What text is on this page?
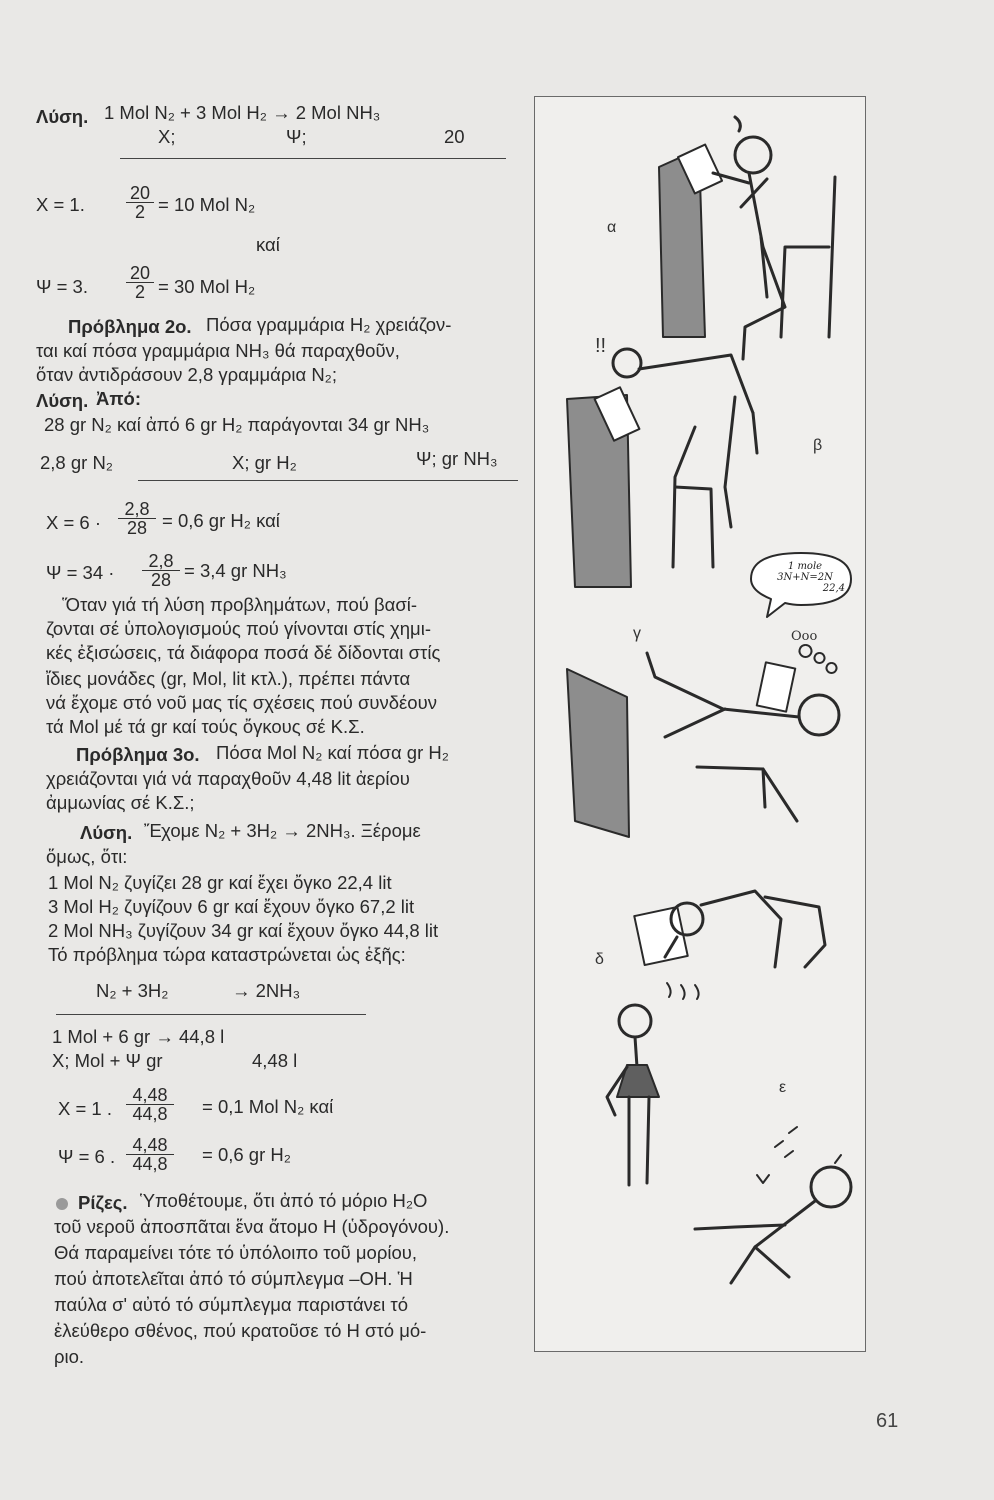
Λύση. 1 Mol N₂ + 3 Mol H₂ → 2 Mol NH₃
Χ;	Ψ;	20
Χ = 1. $\frac{20}{2} = 10$ Mol N₂
καί
Ψ = 3. $\frac{20}{2} = 30$ Mol H₂
Πρόβλημα 2ο. Πόσα γραμμάρια H₂ χρειάζον-
ται καί πόσα γραμμάρια NH₃ θά παραχθοῦν,
ὅταν ἀντιδράσουν 2,8 γραμμάρια N₂;
Λύση. Ἀπό:
28 gr N₂ καί ἀπό 6 gr H₂ παράγονται 34 gr NH₃
2,8 gr N₂	Χ; gr H₂	Ψ; gr NH₃
$X = 6 \cdot \frac{2,8}{28} = 0,6$ gr H₂ καί
$\Psi = 34 \cdot \frac{2,8}{28} = 3,4$ gr NH₃
Ὅταν γιά τή λύση προβλημάτων, πού βασί-
ζονται σέ ὑπολογισμούς πού γίνονται στίς χημι-
κές ἐξισώσεις, τά διάφορα ποσά δέ δίδονται στίς
ἴδιες μονάδες (gr, Mol, lit κτλ.), πρέπει πάντα
νά ἔχομε στό νοῦ μας τίς σχέσεις πού συνδέουν
τά Mol μέ τά gr καί τούς ὄγκους σέ Κ.Σ.
Πρόβλημα 3ο. Πόσα Mol N₂ καί πόσα gr H₂
χρειάζονται γιά νά παραχθοῦν 4,48 lit ἀερίου
ἀμμωνίας σέ Κ.Σ.;
Λύση. Ἔχομε N₂ + 3H₂ → 2NH₃. Ξέρομε
ὅμως, ὅτι:
1 Mol N₂ ζυγίζει 28 gr καί ἔχει ὄγκο 22,4 lit
3 Mol H₂ ζυγίζουν 6 gr καί ἔχουν ὄγκο 67,2 lit
2 Mol NH₃ ζυγίζουν 34 gr καί ἔχουν ὄγκο 44,8 lit
Τό πρόβλημα τώρα καταστρώνεται ὡς ἑξῆς:
N₂ + 3H₂	→ 2NH₃
1 Mol + 6 gr → 44,8 l
Χ; Mol + Ψ gr	4,48 l
Χ = 1 . $\frac{4,48}{44,8} = 0,1$ Mol N₂ καί
Ψ = 6 . $\frac{4,48}{44,8} = 0,6$ gr H₂
Ρίζες. Ὑποθέτουμε, ὅτι ἀπό τό μόριο H₂O
τοῦ νεροῦ ἀποσπᾶται ἕνα ἄτομο H (ὑδρογόνου).
Θά παραμείνει τότε τό ὑπόλοιπο τοῦ μορίου,
πού ἀποτελεῖται ἀπό τό σύμπλεγμα –OH. Ἡ
παύλα σ' αὐτό τό σύμπλεγμα παριστάνει τό
ἐλεύθερο σθένος, πού κρατοῦσε τό H στό μό-
ριο.
α
!!
β
γ
δ
ε
1 mole
3N+N=2N
22,4
Ooo
61
